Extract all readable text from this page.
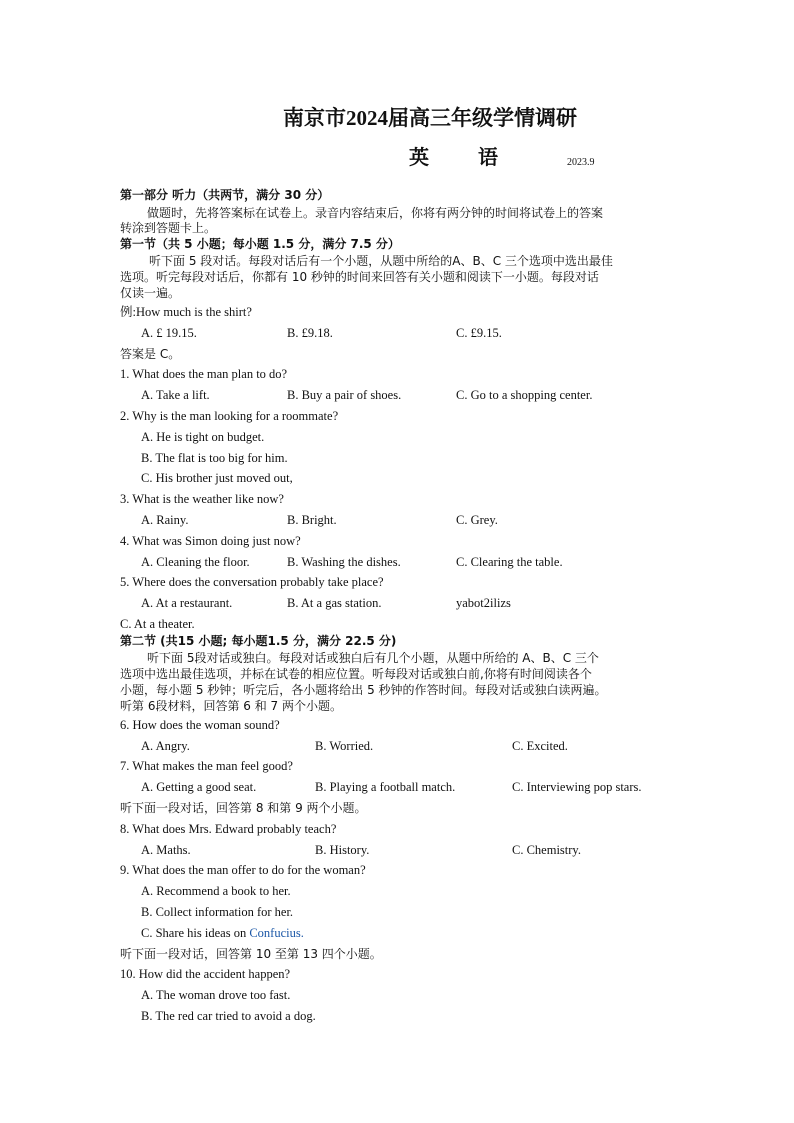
南京市2024届高三年级学情调研
英 语	2023.9
第一部分 听力（共两节，满分 30 分）
做题时，先将答案标在试卷上。录音内容结束后，你将有两分钟的时间将试卷上的答案
转涂到答题卡上。
第一节（共 5 小题；每小题 1.5 分，满分 7.5 分）
听下面 5 段对话。每段对话后有一个小题，从题中所给的A、B、C 三个选项中选出最佳
选项。听完每段对话后，你都有 10 秒钟的时间来回答有关小题和阅读下一小题。每段对话
仅读一遍。
例:How much is the shirt?
A. £ 19.15.	B. £9.18.	C. £9.15.
答案是 C。
1. What does the man plan to do?
A. Take a lift.	B. Buy a pair of shoes.	C. Go to a shopping center.
2. Why is the man looking for a roommate?
A. He is tight on budget.
B. The flat is too big for him.
C. His brother just moved out,
3. What is the weather like now?
A. Rainy.	B. Bright.	C. Grey.
4. What was Simon doing just now?
A. Cleaning the floor.	B. Washing the dishes.	C. Clearing the table.
5. Where does the conversation probably take place?
A. At a restaurant.	B. At a gas station.	yabot2ilizs
C. At a theater.
第二节 (共15 小题; 每小题1.5 分，满分 22.5 分)
听下面 5段对话或独白。每段对话或独白后有几个小题，从题中所给的 A、B、C 三个
选项中选出最佳选项，并标在试卷的相应位置。听每段对话或独白前,你将有时间阅读各个
小题，每小题 5 秒钟；听完后，各小题将给出 5 秒钟的作答时间。每段对话或独白读两遍。
听第 6段材料，回答第 6 和 7 两个小题。
6. How does the woman sound?
A. Angry.	B. Worried.	C. Excited.
7. What makes the man feel good?
A. Getting a good seat.	B. Playing a football match.	C. Interviewing pop stars.
听下面一段对话，回答第 8 和第 9 两个小题。
8. What does Mrs. Edward probably teach?
A. Maths.	B. History.	C. Chemistry.
9. What does the man offer to do for the woman?
A. Recommend a book to her.
B. Collect information for her.
C. Share his ideas on Confucius.
听下面一段对话，回答第 10 至第 13 四个小题。
10. How did the accident happen?
A. The woman drove too fast.
B. The red car tried to avoid a dog.
